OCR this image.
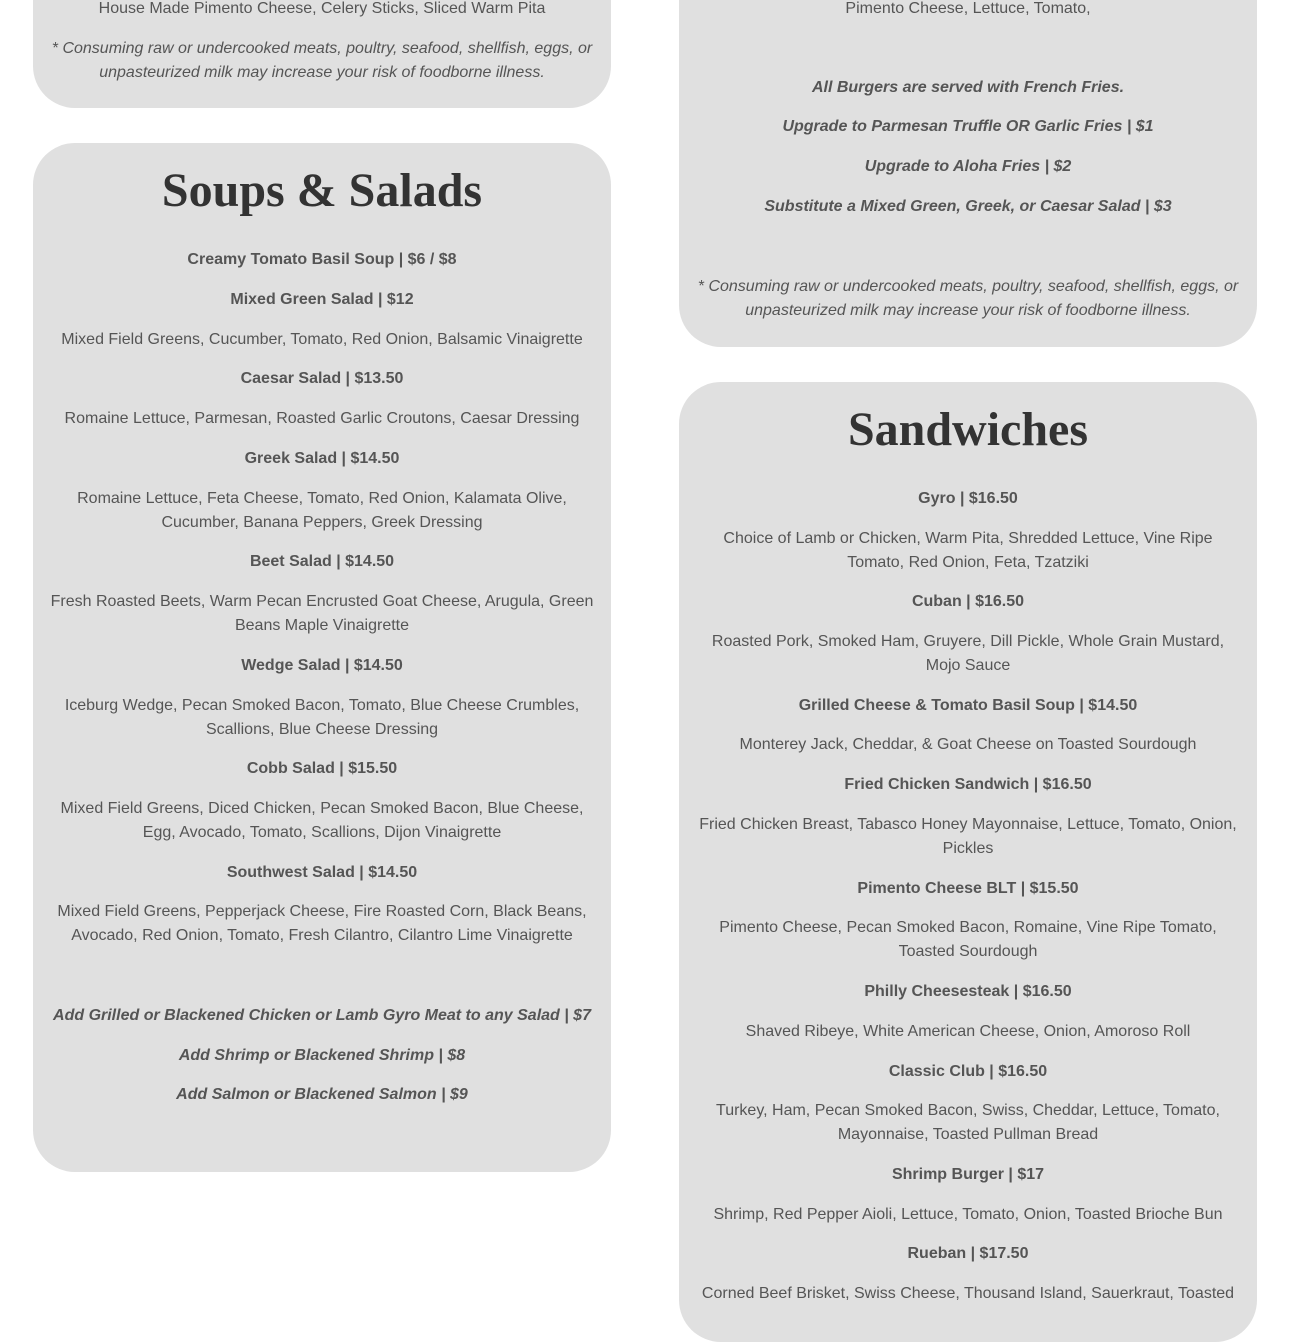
House Made Pimento Cheese, Celery Sticks, Sliced Warm Pita
* Consuming raw or undercooked meats, poultry, seafood, shellfish, eggs, or unpasteurized milk may increase your risk of foodborne illness.
Pimento Cheese, Lettuce, Tomato,
All Burgers are served with French Fries.
Upgrade to Parmesan Truffle OR Garlic Fries | $1
Upgrade to Aloha Fries | $2
Substitute a Mixed Green, Greek, or Caesar Salad | $3
* Consuming raw or undercooked meats, poultry, seafood, shellfish, eggs, or unpasteurized milk may increase your risk of foodborne illness.
Soups & Salads
Creamy Tomato Basil Soup | $6 / $8
Mixed Green Salad | $12
Mixed Field Greens, Cucumber, Tomato, Red Onion, Balsamic Vinaigrette
Caesar Salad | $13.50
Romaine Lettuce, Parmesan, Roasted Garlic Croutons, Caesar Dressing
Greek Salad | $14.50
Romaine Lettuce, Feta Cheese, Tomato, Red Onion, Kalamata Olive, Cucumber, Banana Peppers, Greek Dressing
Beet Salad | $14.50
Fresh Roasted Beets, Warm Pecan Encrusted Goat Cheese, Arugula, Green Beans Maple Vinaigrette
Wedge Salad | $14.50
Iceburg Wedge, Pecan Smoked Bacon, Tomato, Blue Cheese Crumbles, Scallions, Blue Cheese Dressing
Cobb Salad | $15.50
Mixed Field Greens, Diced Chicken, Pecan Smoked Bacon, Blue Cheese, Egg, Avocado, Tomato, Scallions, Dijon Vinaigrette
Southwest Salad | $14.50
Mixed Field Greens, Pepperjack Cheese, Fire Roasted Corn, Black Beans, Avocado, Red Onion, Tomato, Fresh Cilantro, Cilantro Lime Vinaigrette
Add Grilled or Blackened Chicken or Lamb Gyro Meat to any Salad | $7
Add Shrimp or Blackened Shrimp | $8
Add Salmon or Blackened Salmon | $9
Sandwiches
Gyro | $16.50
Choice of Lamb or Chicken, Warm Pita, Shredded Lettuce, Vine Ripe Tomato, Red Onion, Feta, Tzatziki
Cuban | $16.50
Roasted Pork, Smoked Ham, Gruyere, Dill Pickle, Whole Grain Mustard, Mojo Sauce
Grilled Cheese & Tomato Basil Soup | $14.50
Monterey Jack, Cheddar, & Goat Cheese on Toasted Sourdough
Fried Chicken Sandwich | $16.50
Fried Chicken Breast, Tabasco Honey Mayonnaise, Lettuce, Tomato, Onion, Pickles
Pimento Cheese BLT | $15.50
Pimento Cheese, Pecan Smoked Bacon, Romaine, Vine Ripe Tomato, Toasted Sourdough
Philly Cheesesteak | $16.50
Shaved Ribeye, White American Cheese, Onion, Amoroso Roll
Classic Club | $16.50
Turkey, Ham, Pecan Smoked Bacon, Swiss, Cheddar, Lettuce, Tomato, Mayonnaise, Toasted Pullman Bread
Shrimp Burger | $17
Shrimp, Red Pepper Aioli, Lettuce, Tomato, Onion, Toasted Brioche Bun
Rueban | $17.50
Corned Beef Brisket, Swiss Cheese, Thousand Island, Sauerkraut, Toasted
